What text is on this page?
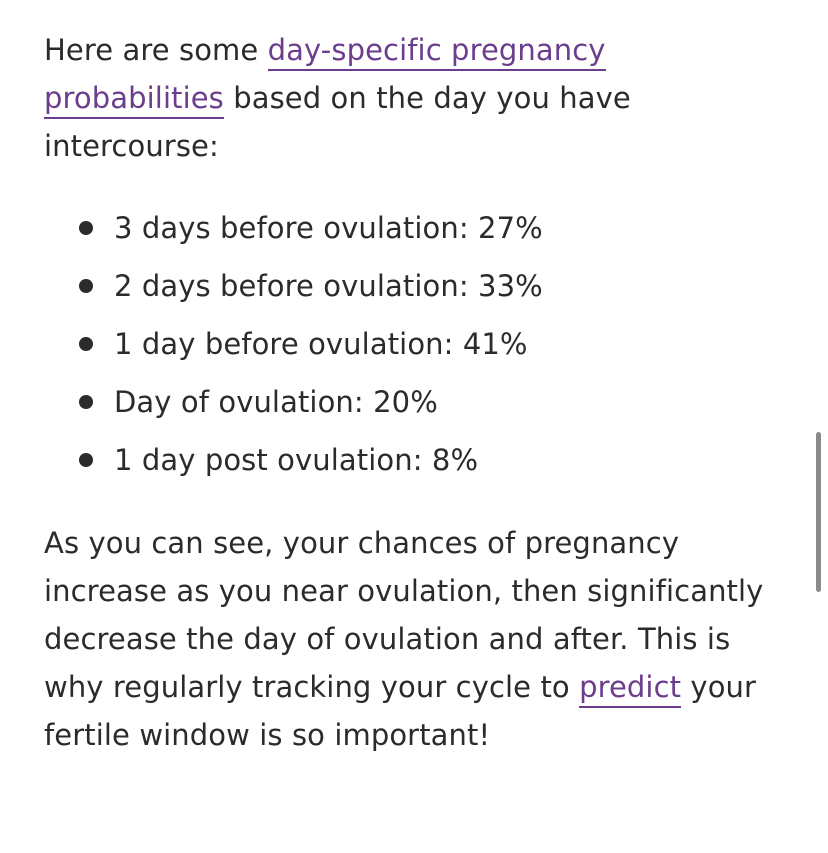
Here are some day-specific pregnancy probabilities based on the day you have intercourse:

3 days before ovulation: 27%
2 days before ovulation: 33%
1 day before ovulation: 41%
Day of ovulation: 20%
1 day post ovulation: 8%

As you can see, your chances of pregnancy increase as you near ovulation, then significantly decrease the day of ovulation and after. This is why regularly tracking your cycle to predict your fertile window is so important!
